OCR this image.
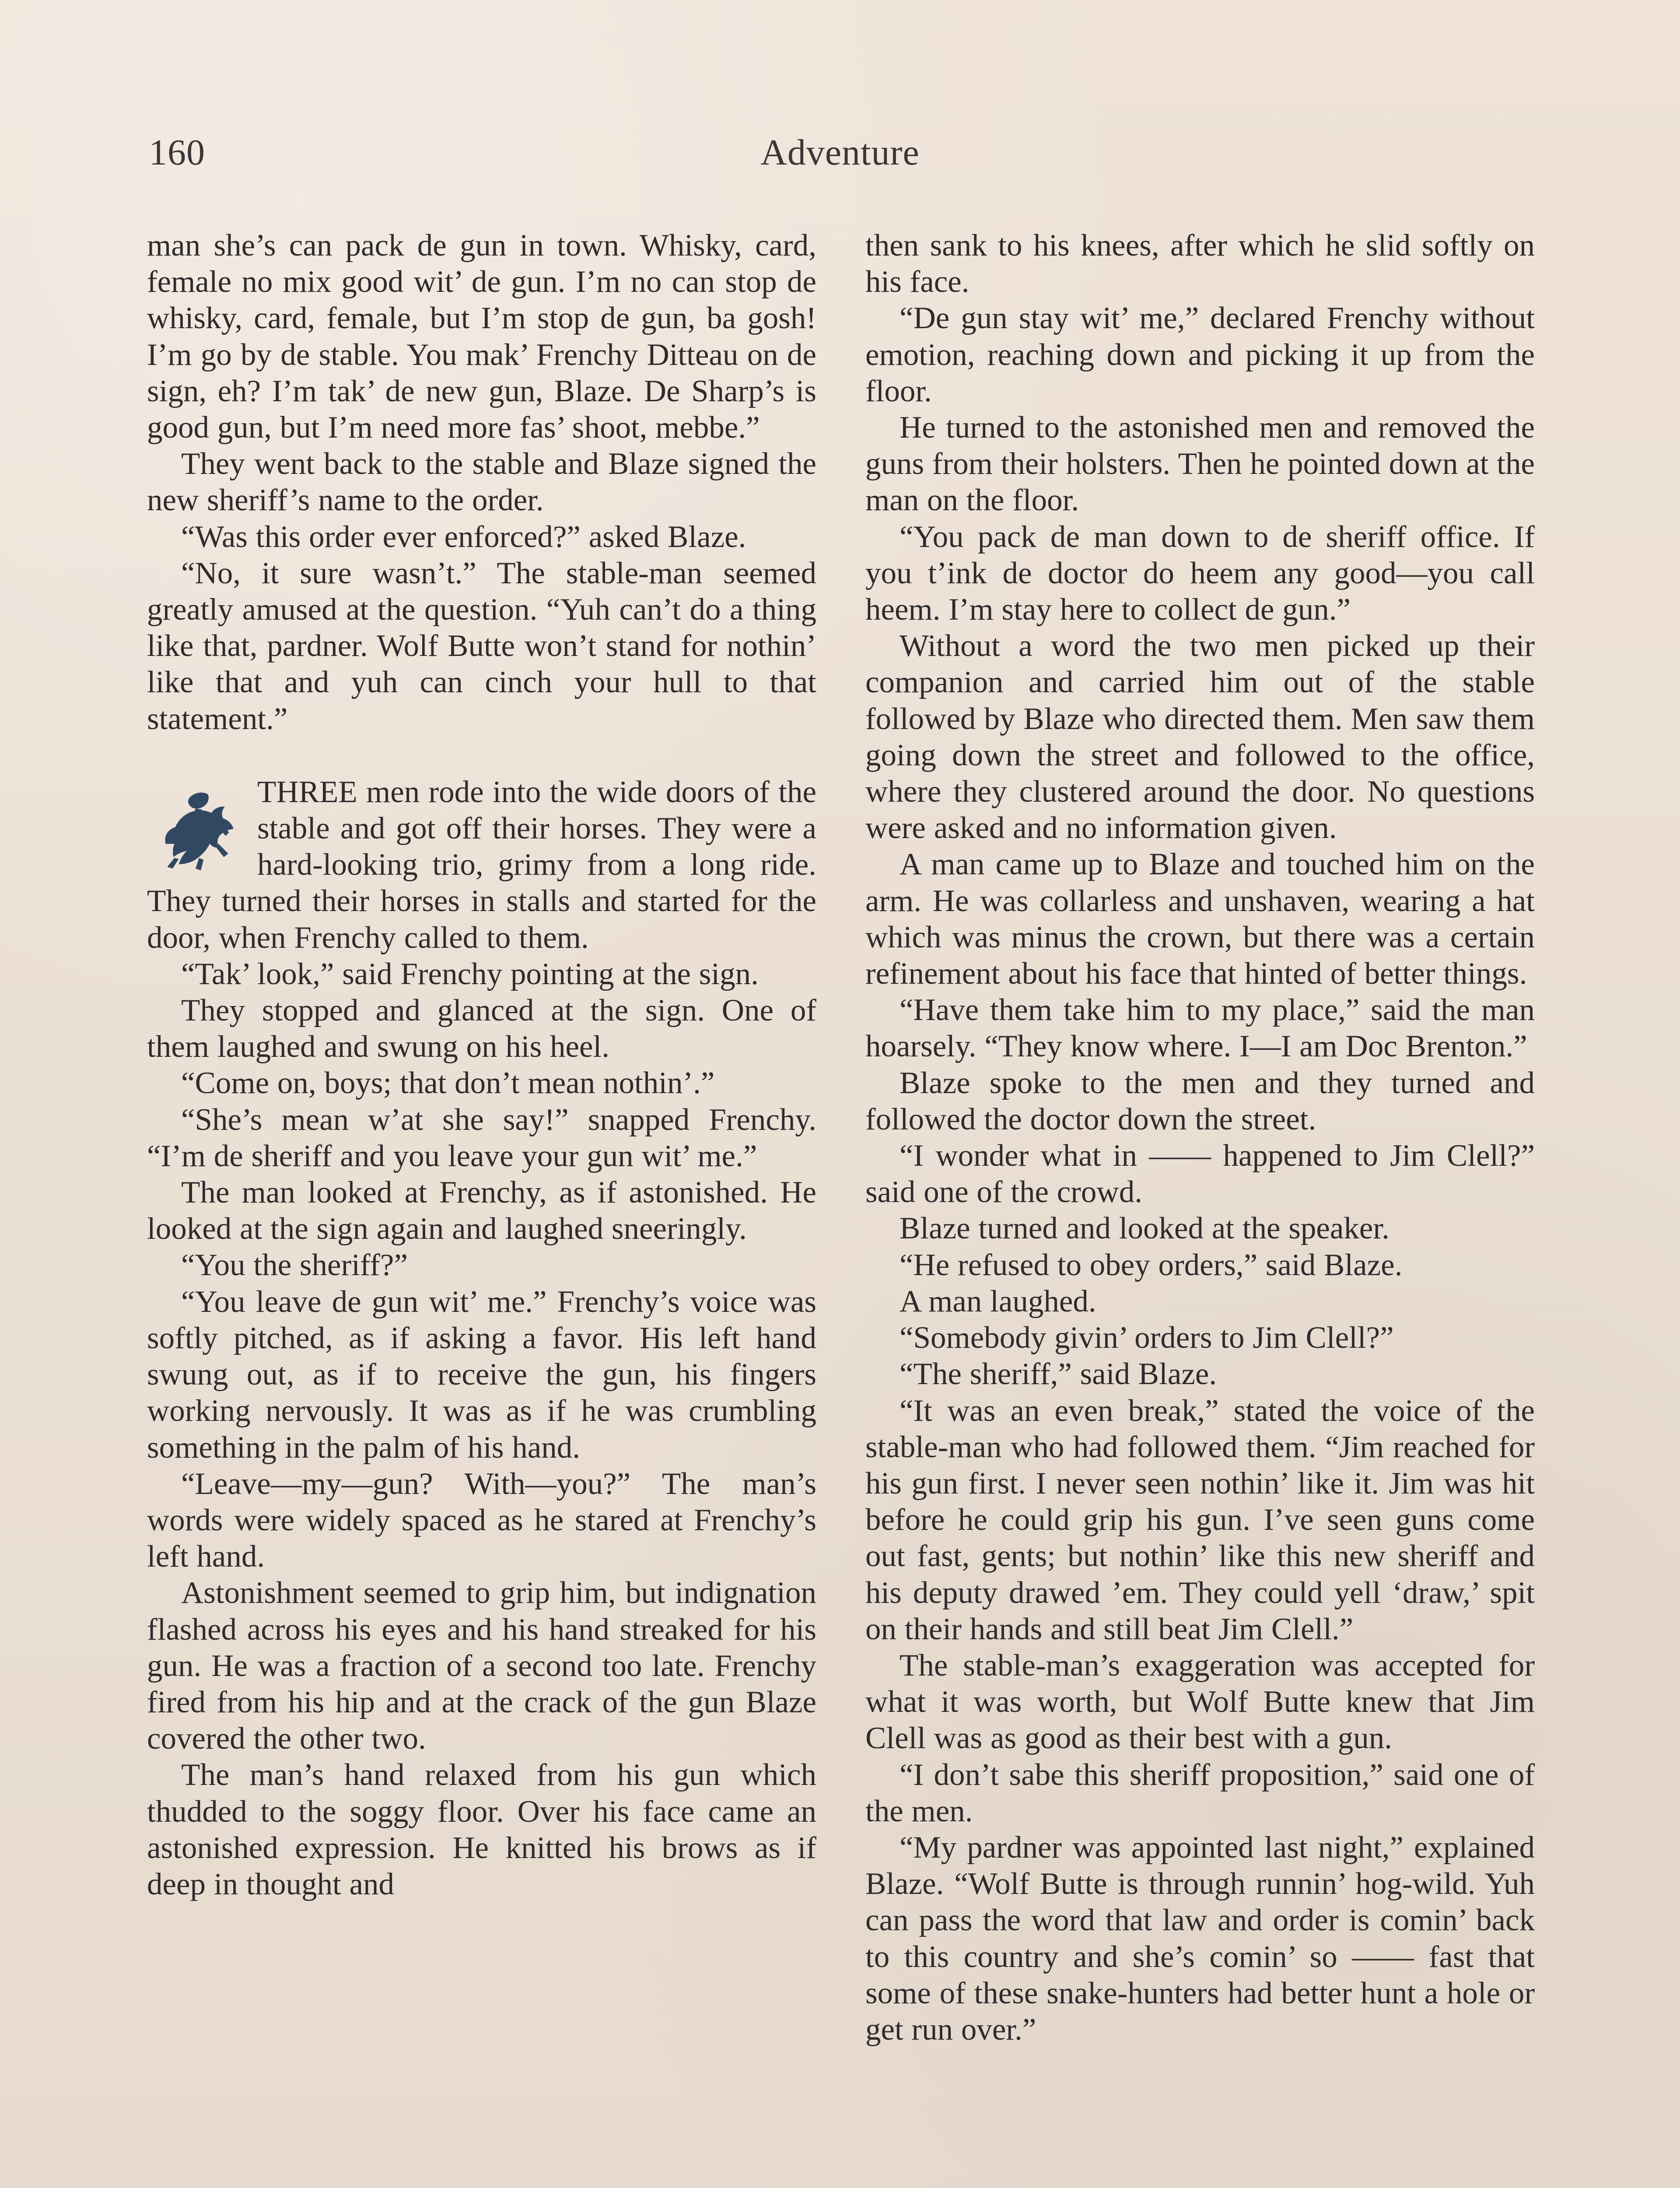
160	Adventure

man she’s can pack de gun in town. Whisky, card, female no mix good wit’ de gun. I’m no can stop de whisky, card, female, but I’m stop de gun, ba gosh! I’m go by de stable. You mak’ Frenchy Ditteau on de sign, eh? I’m tak’ de new gun, Blaze. De Sharp’s is good gun, but I’m need more fas’ shoot, mebbe.”

They went back to the stable and Blaze signed the new sheriff’s name to the order.

“Was this order ever enforced?” asked Blaze.

“No, it sure wasn’t.” The stable-man seemed greatly amused at the question. “Yuh can’t do a thing like that, pardner. Wolf Butte won’t stand for nothin’ like that and yuh can cinch your hull to that statement.”

THREE men rode into the wide doors of the stable and got off their horses. They were a hard-looking trio, grimy from a long ride. They turned their horses in stalls and started for the door, when Frenchy called to them.

“Tak’ look,” said Frenchy pointing at the sign.

They stopped and glanced at the sign. One of them laughed and swung on his heel.

“Come on, boys; that don’t mean nothin’.”

“She’s mean w’at she say!” snapped Frenchy. “I’m de sheriff and you leave your gun wit’ me.”

The man looked at Frenchy, as if astonished. He looked at the sign again and laughed sneeringly.

“You the sheriff?”

“You leave de gun wit’ me.” Frenchy’s voice was softly pitched, as if asking a favor. His left hand swung out, as if to receive the gun, his fingers working nervously. It was as if he was crumbling something in the palm of his hand.

“Leave—my—gun? With—you?” The man’s words were widely spaced as he stared at Frenchy’s left hand.

Astonishment seemed to grip him, but indignation flashed across his eyes and his hand streaked for his gun. He was a fraction of a second too late. Frenchy fired from his hip and at the crack of the gun Blaze covered the other two.

The man’s hand relaxed from his gun which thudded to the soggy floor. Over his face came an astonished expression. He knitted his brows as if deep in thought and

then sank to his knees, after which he slid softly on his face.

“De gun stay wit’ me,” declared Frenchy without emotion, reaching down and picking it up from the floor.

He turned to the astonished men and removed the guns from their holsters. Then he pointed down at the man on the floor.

“You pack de man down to de sheriff office. If you t’ink de doctor do heem any good—you call heem. I’m stay here to collect de gun.”

Without a word the two men picked up their companion and carried him out of the stable followed by Blaze who directed them. Men saw them going down the street and followed to the office, where they clustered around the door. No questions were asked and no information given.

A man came up to Blaze and touched him on the arm. He was collarless and unshaven, wearing a hat which was minus the crown, but there was a certain refinement about his face that hinted of better things.

“Have them take him to my place,” said the man hoarsely. “They know where. I—I am Doc Brenton.”

Blaze spoke to the men and they turned and followed the doctor down the street.

“I wonder what in —— happened to Jim Clell?” said one of the crowd.

Blaze turned and looked at the speaker.

“He refused to obey orders,” said Blaze.

A man laughed.

“Somebody givin’ orders to Jim Clell?”

“The sheriff,” said Blaze.

“It was an even break,” stated the voice of the stable-man who had followed them. “Jim reached for his gun first. I never seen nothin’ like it. Jim was hit before he could grip his gun. I’ve seen guns come out fast, gents; but nothin’ like this new sheriff and his deputy drawed ’em. They could yell ‘draw,’ spit on their hands and still beat Jim Clell.”

The stable-man’s exaggeration was accepted for what it was worth, but Wolf Butte knew that Jim Clell was as good as their best with a gun.

“I don’t sabe this sheriff proposition,” said one of the men.

“My pardner was appointed last night,” explained Blaze. “Wolf Butte is through runnin’ hog-wild. Yuh can pass the word that law and order is comin’ back to this country and she’s comin’ so —— fast that some of these snake-hunters had better hunt a hole or get run over.”
